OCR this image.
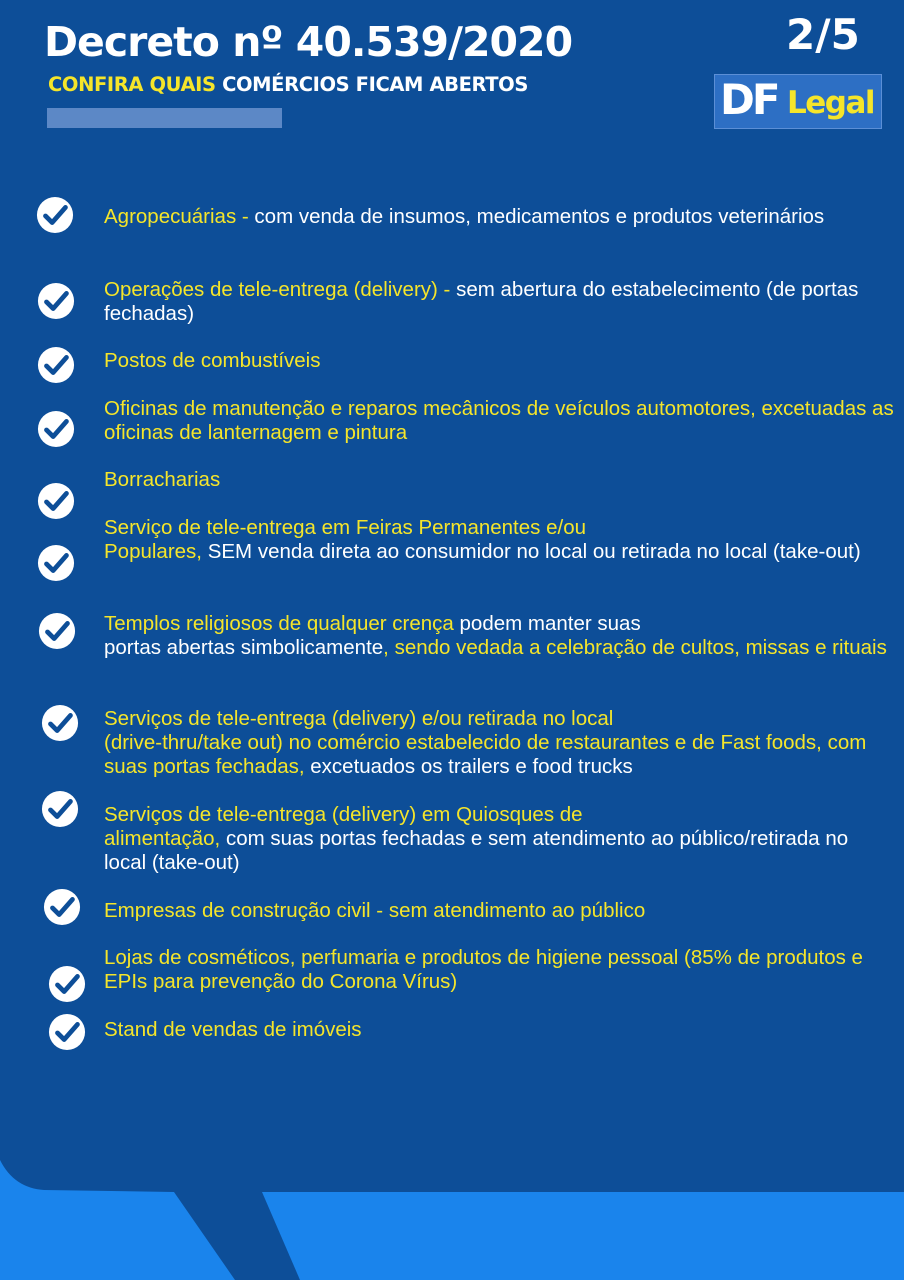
Decreto nº 40.539/2020
CONFIRA QUAIS COMÉRCIOS FICAM ABERTOS
2/5
DF Legal
Agropecuárias - com venda de insumos, medicamentos e produtos veterinários
Operações de tele-entrega (delivery) - sem abertura do estabelecimento (de portas fechadas)
Postos de combustíveis
Oficinas de manutenção e reparos mecânicos de veículos automotores, excetuadas as oficinas de lanternagem e pintura
Borracharias
Serviço de tele-entrega em Feiras Permanentes e/ou
Populares, SEM venda direta ao consumidor no local ou retirada no local (take-out)
Templos religiosos de qualquer crença podem manter suas
portas abertas simbolicamente, sendo vedada a celebração de cultos, missas e rituais
Serviços de tele-entrega (delivery) e/ou retirada no local
(drive-thru/take out) no comércio estabelecido de restaurantes e de Fast foods, com suas portas fechadas, excetuados os trailers e food trucks
Serviços de tele-entrega (delivery) em Quiosques de
alimentação, com suas portas fechadas e sem atendimento ao público/retirada no local (take-out)
Empresas de construção civil - sem atendimento ao público
Lojas de cosméticos, perfumaria e produtos de higiene pessoal (85% de produtos e EPIs para prevenção do Corona Vírus)
Stand de vendas de imóveis
